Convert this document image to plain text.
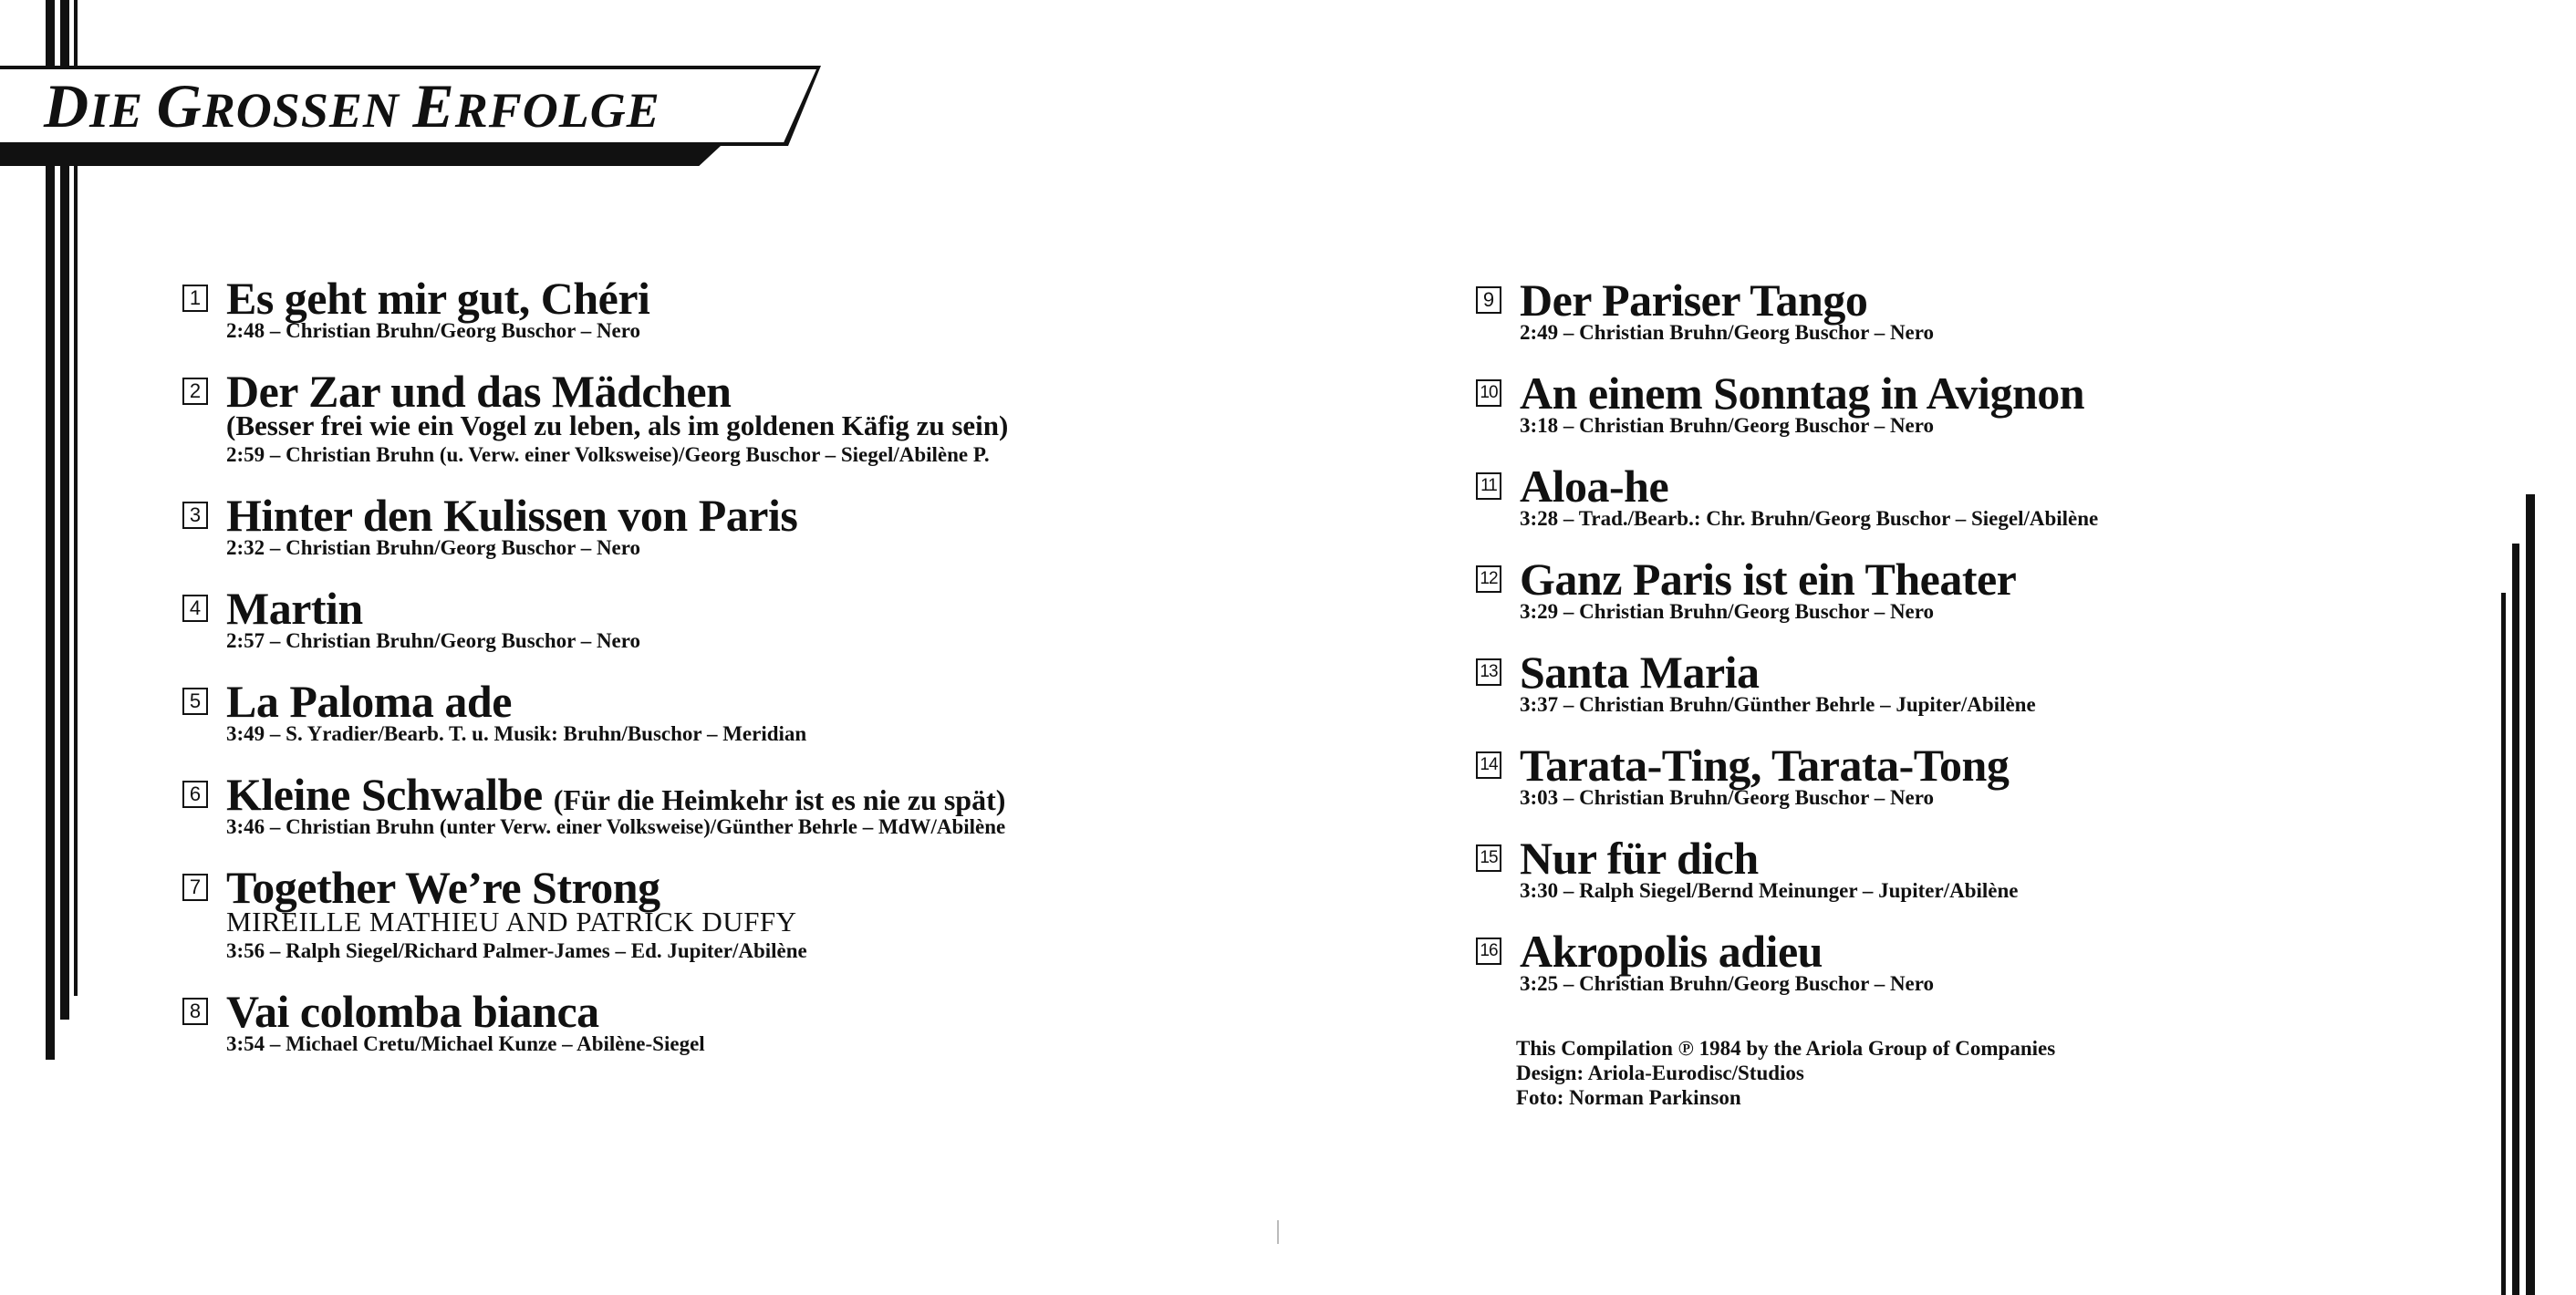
DIE GROSSEN ERFOLGE
1 Es geht mir gut, Chéri
2:48 – Christian Bruhn/Georg Buschor – Nero
2 Der Zar und das Mädchen
(Besser frei wie ein Vogel zu leben, als im goldenen Käfig zu sein)
2:59 – Christian Bruhn (u. Verw. einer Volksweise)/Georg Buschor – Siegel/Abilène P.
3 Hinter den Kulissen von Paris
2:32 – Christian Bruhn/Georg Buschor – Nero
4 Martin
2:57 – Christian Bruhn/Georg Buschor – Nero
5 La Paloma ade
3:49 – S. Yradier/Bearb. T. u. Musik: Bruhn/Buschor – Meridian
6 Kleine Schwalbe (Für die Heimkehr ist es nie zu spät)
3:46 – Christian Bruhn (unter Verw. einer Volksweise)/Günther Behrle – MdW/Abilène
7 Together We’re Strong
MIREILLE MATHIEU AND PATRICK DUFFY
3:56 – Ralph Siegel/Richard Palmer-James – Ed. Jupiter/Abilène
8 Vai colomba bianca
3:54 – Michael Cretu/Michael Kunze – Abilène-Siegel
9 Der Pariser Tango
2:49 – Christian Bruhn/Georg Buschor – Nero
10 An einem Sonntag in Avignon
3:18 – Christian Bruhn/Georg Buschor – Nero
11 Aloa-he
3:28 – Trad./Bearb.: Chr. Bruhn/Georg Buschor – Siegel/Abilène
12 Ganz Paris ist ein Theater
3:29 – Christian Bruhn/Georg Buschor – Nero
13 Santa Maria
3:37 – Christian Bruhn/Günther Behrle – Jupiter/Abilène
14 Tarata-Ting, Tarata-Tong
3:03 – Christian Bruhn/Georg Buschor – Nero
15 Nur für dich
3:30 – Ralph Siegel/Bernd Meinunger – Jupiter/Abilène
16 Akropolis adieu
3:25 – Christian Bruhn/Georg Buschor – Nero
This Compilation ℗ 1984 by the Ariola Group of Companies
Design: Ariola-Eurodisc/Studios
Foto: Norman Parkinson
